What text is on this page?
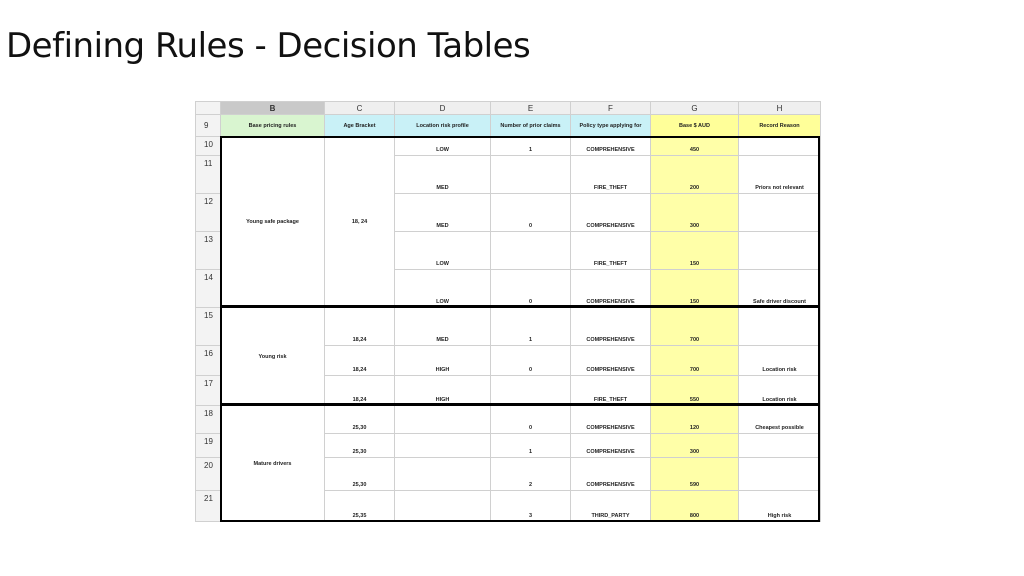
Defining Rules - Decision Tables
	B	C	D	E	F	G	H
9	Base pricing rules	Age Bracket	Location risk profile	Number of prior claims	Policy type applying for	Base $ AUD	Record Reason
10	Young safe package	18, 24	LOW	1	COMPREHENSIVE	450	
11			MED		FIRE_THEFT	200	Priors not relevant
12			MED	0	COMPREHENSIVE	300	
13			LOW		FIRE_THEFT	150	
14			LOW	0	COMPREHENSIVE	150	Safe driver discount
15	Young risk	18,24	MED	1	COMPREHENSIVE	700	
16		18,24	HIGH	0	COMPREHENSIVE	700	Location risk
17		18,24	HIGH		FIRE_THEFT	550	Location risk
18	Mature drivers	25,30		0	COMPREHENSIVE	120	Cheapest possible
19		25,30		1	COMPREHENSIVE	300	
20		25,30		2	COMPREHENSIVE	590	
21		25,35		3	THIRD_PARTY	800	High risk
